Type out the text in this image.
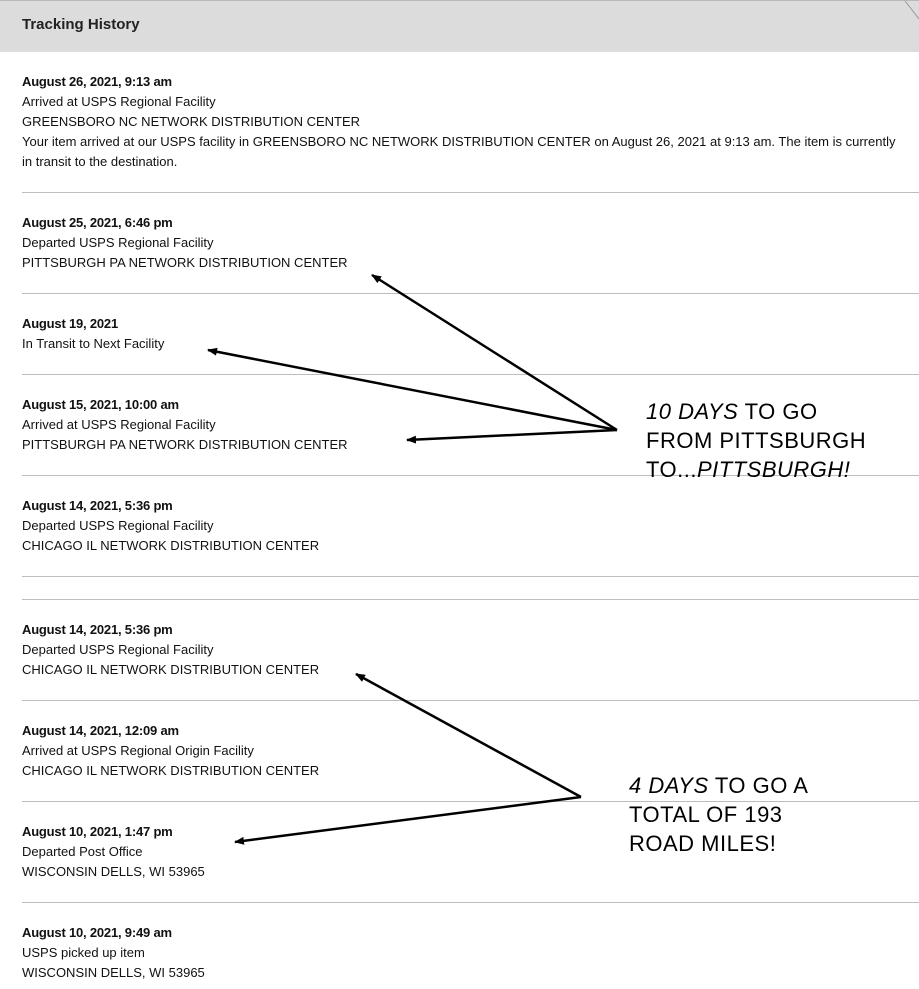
Tracking History
August 26, 2021, 9:13 am
Arrived at USPS Regional Facility
GREENSBORO NC NETWORK DISTRIBUTION CENTER
Your item arrived at our USPS facility in GREENSBORO NC NETWORK DISTRIBUTION CENTER on August 26, 2021 at 9:13 am. The item is currently in transit to the destination.
August 25, 2021, 6:46 pm
Departed USPS Regional Facility
PITTSBURGH PA NETWORK DISTRIBUTION CENTER
August 19, 2021
In Transit to Next Facility
August 15, 2021, 10:00 am
Arrived at USPS Regional Facility
PITTSBURGH PA NETWORK DISTRIBUTION CENTER
August 14, 2021, 5:36 pm
Departed USPS Regional Facility
CHICAGO IL NETWORK DISTRIBUTION CENTER
August 14, 2021, 5:36 pm
Departed USPS Regional Facility
CHICAGO IL NETWORK DISTRIBUTION CENTER
August 14, 2021, 12:09 am
Arrived at USPS Regional Origin Facility
CHICAGO IL NETWORK DISTRIBUTION CENTER
August 10, 2021, 1:47 pm
Departed Post Office
WISCONSIN DELLS, WI 53965
August 10, 2021, 9:49 am
USPS picked up item
WISCONSIN DELLS, WI 53965
10 DAYS TO GO
FROM PITTSBURGH
TO...PITTSBURGH!
4 DAYS TO GO A
TOTAL OF 193
ROAD MILES!
